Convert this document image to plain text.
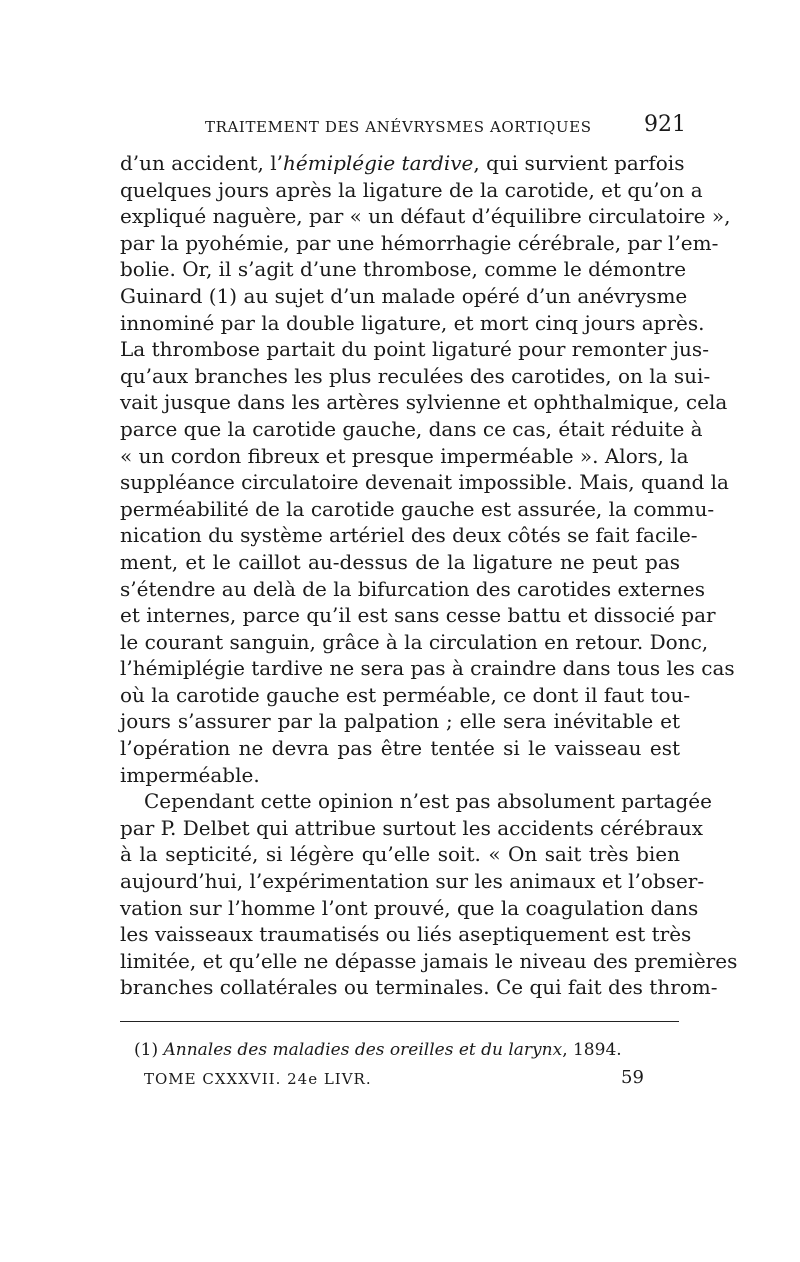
TRAITEMENT DES ANÉVRYSMES AORTIQUES 921
d’un accident, l’hémiplégie tardive, qui survient parfois
quelques jours après la ligature de la carotide, et qu’on a
expliqué naguère, par « un défaut d’équilibre circulatoire »,
par la pyohémie, par une hémorrhagie cérébrale, par l’em-
bolie. Or, il s’agit d’une thrombose, comme le démontre
Guinard (1) au sujet d’un malade opéré d’un anévrysme
innominé par la double ligature, et mort cinq jours après.
La thrombose partait du point ligaturé pour remonter jus-
qu’aux branches les plus reculées des carotides, on la sui-
vait jusque dans les artères sylvienne et ophthalmique, cela
parce que la carotide gauche, dans ce cas, était réduite à
« un cordon fibreux et presque imperméable ». Alors, la
suppléance circulatoire devenait impossible. Mais, quand la
perméabilité de la carotide gauche est assurée, la commu-
nication du système artériel des deux côtés se fait facile-
ment, et le caillot au-dessus de la ligature ne peut pas
s’étendre au delà de la bifurcation des carotides externes
et internes, parce qu’il est sans cesse battu et dissocié par
le courant sanguin, grâce à la circulation en retour. Donc,
l’hémiplégie tardive ne sera pas à craindre dans tous les cas
où la carotide gauche est perméable, ce dont il faut tou-
jours s’assurer par la palpation ; elle sera inévitable et
l’opération ne devra pas être tentée si le vaisseau est
imperméable.
Cependant cette opinion n’est pas absolument partagée
par P. Delbet qui attribue surtout les accidents cérébraux
à la septicité, si légère qu’elle soit. « On sait très bien
aujourd’hui, l’expérimentation sur les animaux et l’obser-
vation sur l’homme l’ont prouvé, que la coagulation dans
les vaisseaux traumatisés ou liés aseptiquement est très
limitée, et qu’elle ne dépasse jamais le niveau des premières
branches collatérales ou terminales. Ce qui fait des throm-
(1) Annales des maladies des oreilles et du larynx, 1894.
TOME CXXXVII. 24e LIVR.	59
